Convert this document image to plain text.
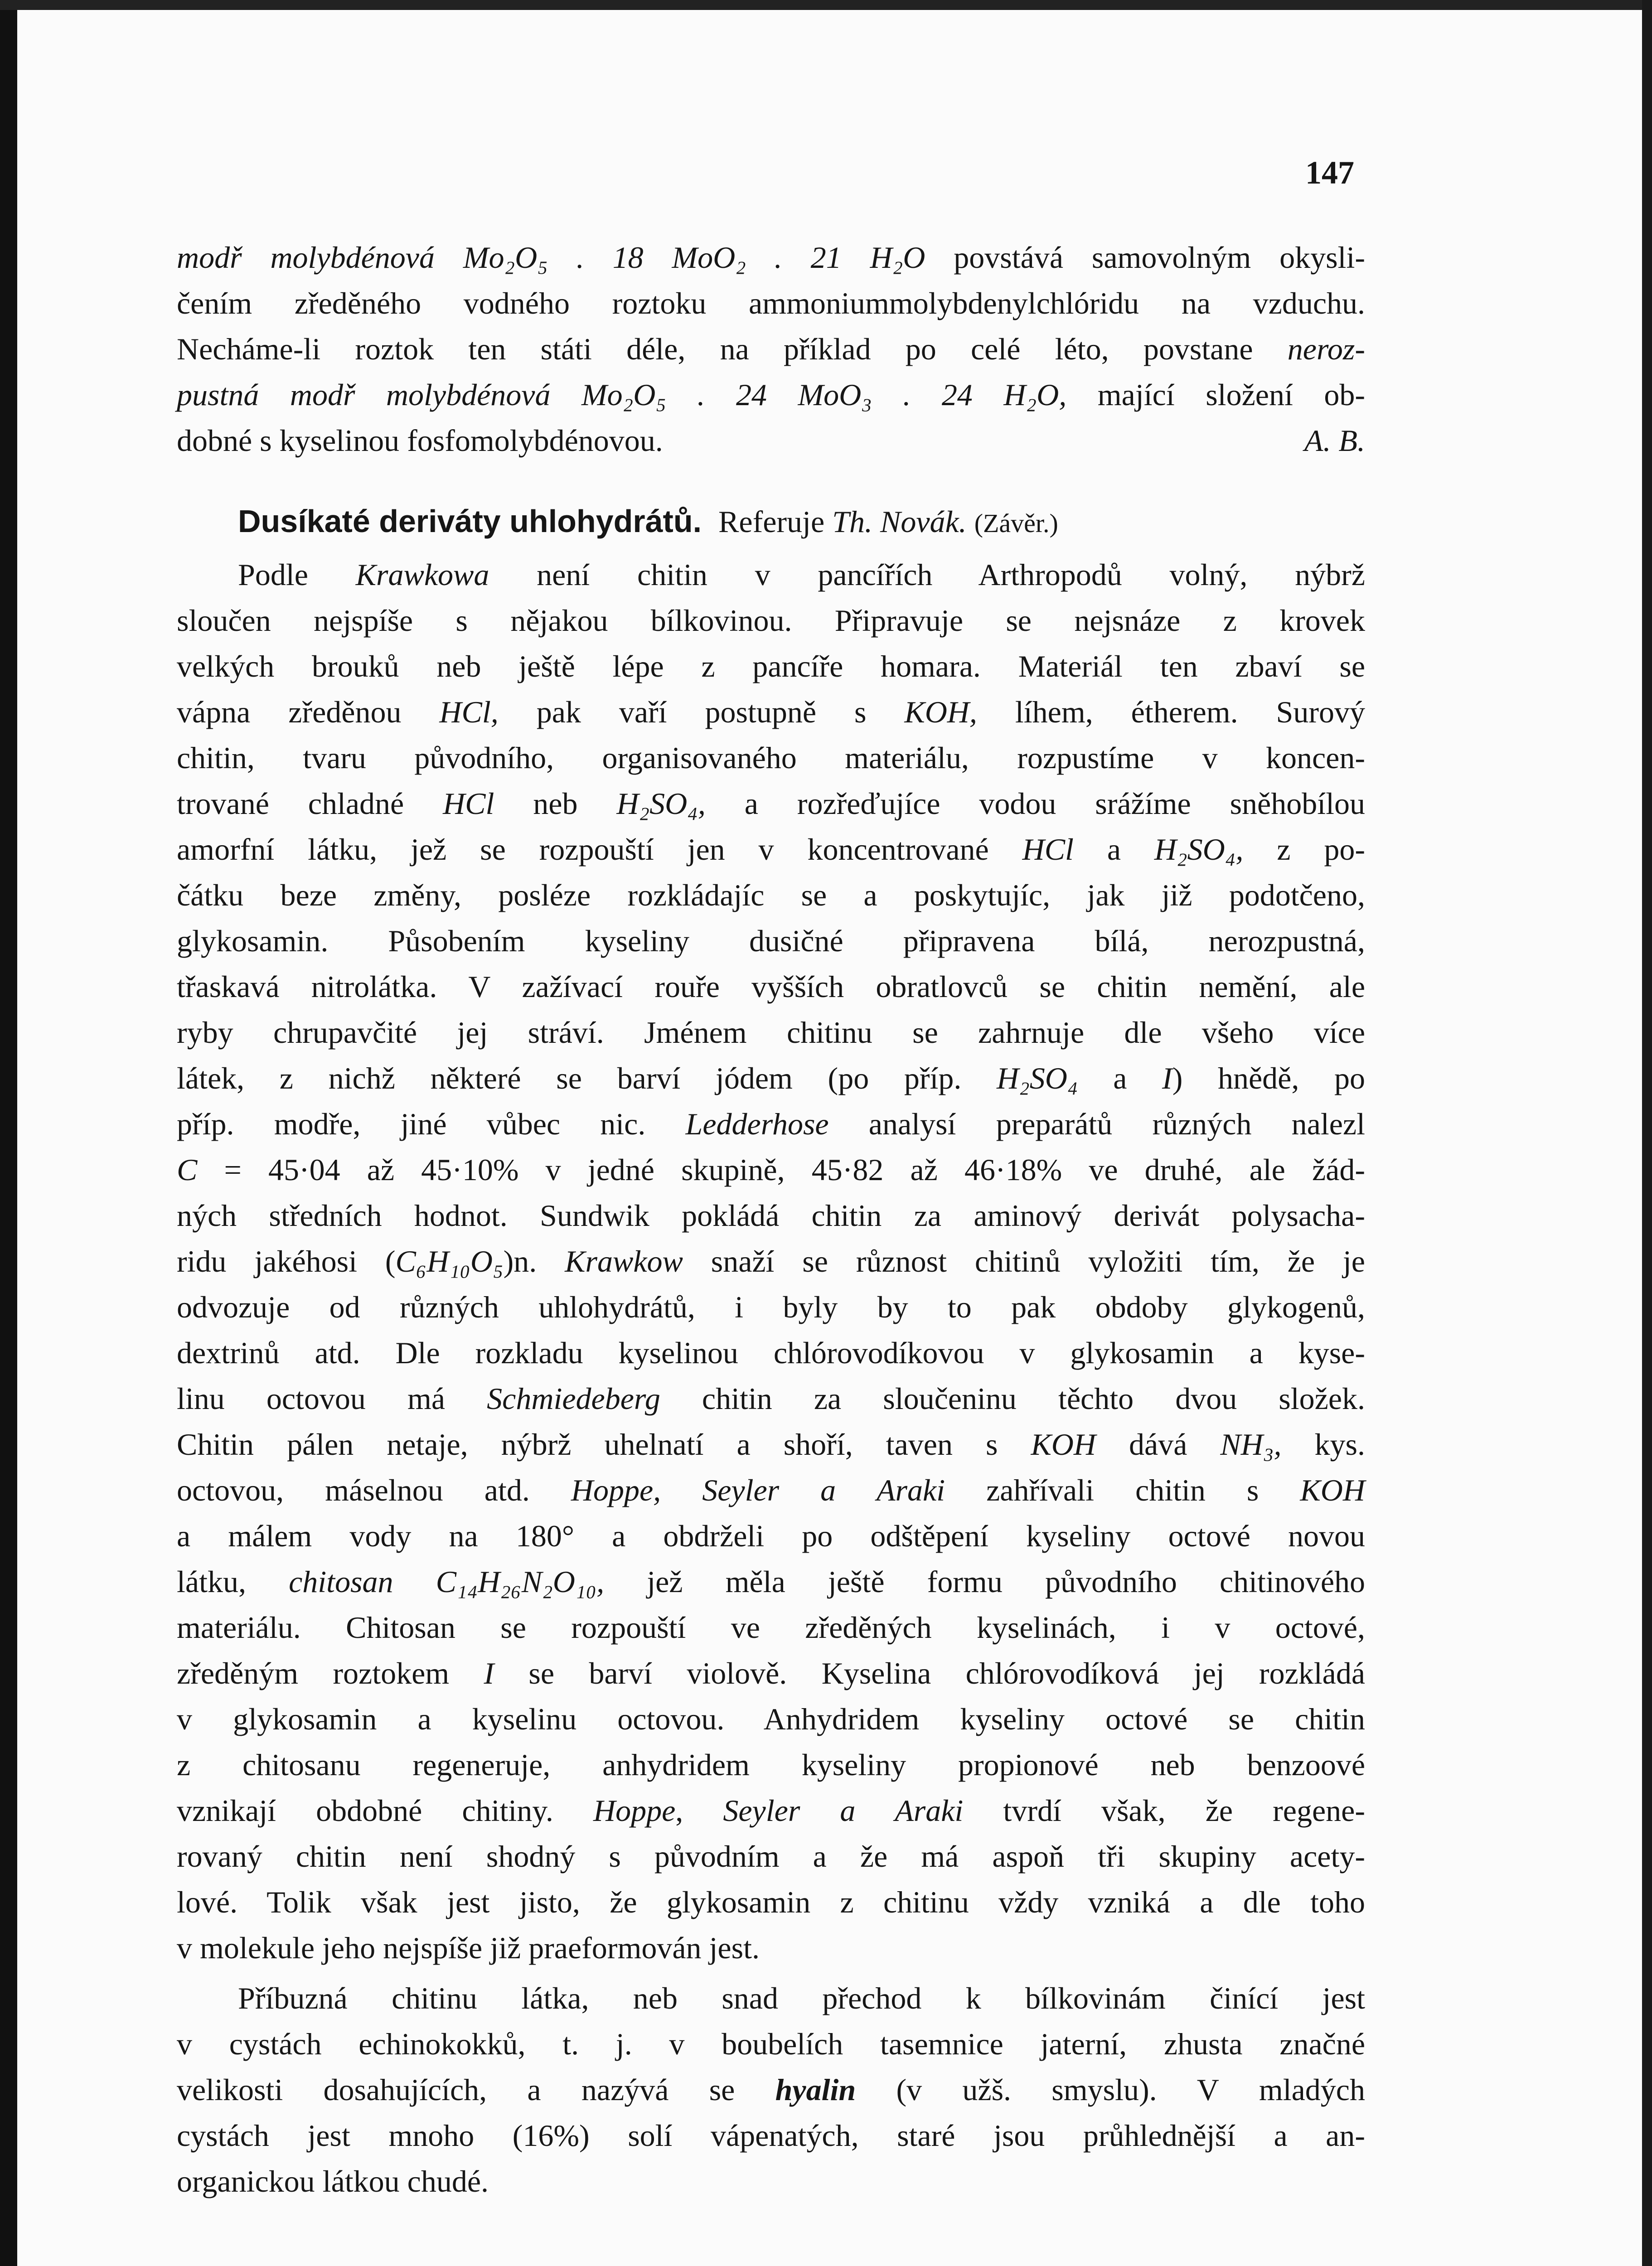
147
modř molybdénová Mo₂O₅ . 18 MoO₂ . 21 H₂O povstává samovolným okysli-
čením zředěného vodného roztoku ammoniummolybdenylchlóridu na vzduchu.
Necháme-li roztok ten státi déle, na příklad po celé léto, povstane neroz-
pustná modř molybdénová Mo₂O₅ . 24 MoO₃ . 24 H₂O, mající složení ob-
dobné s kyselinou fosfomolybdénovou.	A. B.
Dusíkaté deriváty uhlohydrátů. Referuje Th. Novák. (Závěr.)
Podle Krawkowa není chitin v pancířích Arthropodů volný, nýbrž
sloučen nejspíše s nějakou bílkovinou. Připravuje se nejsnáze z krovek
velkých brouků neb ještě lépe z pancíře homara. Materiál ten zbaví se
vápna zředěnou HCl, pak vaří postupně s KOH, líhem, étherem. Surový
chitin, tvaru původního, organisovaného materiálu, rozpustíme v koncen-
trované chladné HCl neb H₂SO₄, a rozřeďujíce vodou srážíme sněhobílou
amorfní látku, jež se rozpouští jen v koncentrované HCl a H₂SO₄, z po-
čátku beze změny, posléze rozkládajíc se a poskytujíc, jak již podotčeno,
glykosamin. Působením kyseliny dusičné připravena bílá, nerozpustná,
třaskavá nitrolátka. V zažívací rouře vyšších obratlovců se chitin nemění, ale
ryby chrupavčité jej stráví. Jménem chitinu se zahrnuje dle všeho více
látek, z nichž některé se barví jódem (po příp. H₂SO₄ a I) hnědě, po
příp. modře, jiné vůbec nic. Ledderhose analysí preparátů různých nalezl
C = 45·04 až 45·10% v jedné skupině, 45·82 až 46·18% ve druhé, ale žád-
ných středních hodnot. Sundwik pokládá chitin za aminový derivát polysacha-
ridu jakéhosi (C₆H₁₀O₅)n. Krawkow snaží se různost chitinů vyložiti tím, že je
odvozuje od různých uhlohydrátů, i byly by to pak obdoby glykogenů,
dextrinů atd. Dle rozkladu kyselinou chlórovodíkovou v glykosamin a kyse-
linu octovou má Schmiedeberg chitin za sloučeninu těchto dvou složek.
Chitin pálen netaje, nýbrž uhelnatí a shoří, taven s KOH dává NH₃, kys.
octovou, máselnou atd. Hoppe, Seyler a Araki zahřívali chitin s KOH
a málem vody na 180° a obdrželi po odštěpení kyseliny octové novou
látku, chitosan C₁₄H₂₆N₂O₁₀, jež měla ještě formu původního chitinového
materiálu. Chitosan se rozpouští ve zředěných kyselinách, i v octové,
zředěným roztokem I se barví violově. Kyselina chlórovodíková jej rozkládá
v glykosamin a kyselinu octovou. Anhydridem kyseliny octové se chitin
z chitosanu regeneruje, anhydridem kyseliny propionové neb benzoové
vznikají obdobné chitiny. Hoppe, Seyler a Araki tvrdí však, že regene-
rovaný chitin není shodný s původním a že má aspoň tři skupiny acety-
lové. Tolik však jest jisto, že glykosamin z chitinu vždy vzniká a dle toho
v molekule jeho nejspíše již praeformován jest.
Příbuzná chitinu látka, neb snad přechod k bílkovinám činící jest
v cystách echinokokků, t. j. v boubelích tasemnice jaterní, zhusta značné
velikosti dosahujících, a nazývá se hyalin (v užš. smyslu). V mladých
cystách jest mnoho (16%) solí vápenatých, staré jsou průhlednější a an-
organickou látkou chudé.
